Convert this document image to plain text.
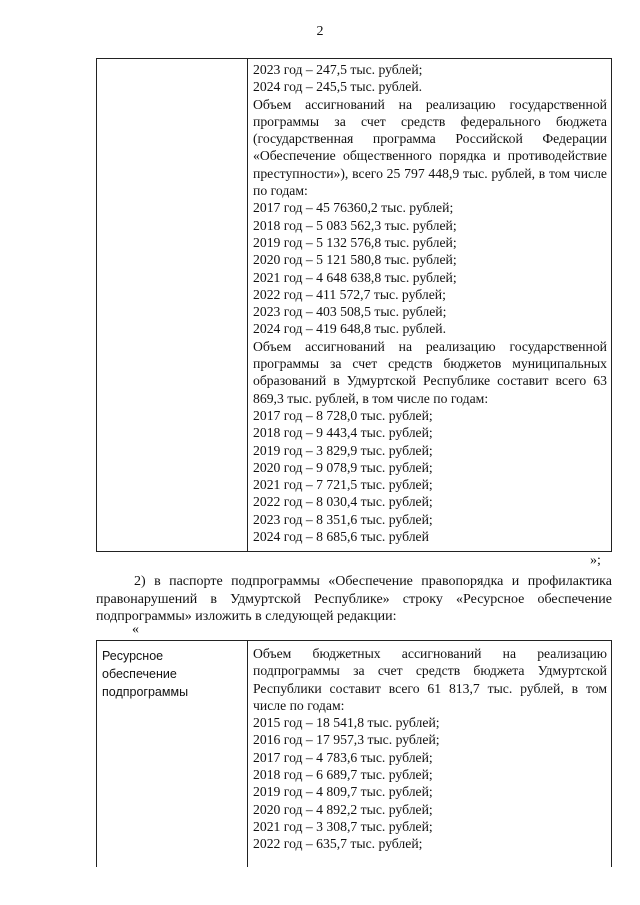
2
2023 год – 247,5 тыс. рублей;
2024 год – 245,5 тыс. рублей.
Объем ассигнований на реализацию государственной программы за счет средств федерального бюджета (государственная программа Российской Федерации «Обеспечение общественного порядка и противодействие преступности»), всего 25 797 448,9 тыс. рублей, в том числе по годам:
2017 год – 45 76360,2 тыс. рублей;
2018 год – 5 083 562,3 тыс. рублей;
2019 год – 5 132 576,8 тыс. рублей;
2020 год – 5 121 580,8 тыс. рублей;
2021 год – 4 648 638,8 тыс. рублей;
2022 год – 411 572,7 тыс. рублей;
2023 год – 403 508,5 тыс. рублей;
2024 год – 419 648,8 тыс. рублей.
Объем ассигнований на реализацию государственной программы за счет средств бюджетов муниципальных образований в Удмуртской Республике составит всего 63 869,3 тыс. рублей, в том числе по годам:
2017 год – 8 728,0 тыс. рублей;
2018 год – 9 443,4 тыс. рублей;
2019 год – 3 829,9 тыс. рублей;
2020 год – 9 078,9 тыс. рублей;
2021 год – 7 721,5 тыс. рублей;
2022 год – 8 030,4 тыс. рублей;
2023 год – 8 351,6 тыс. рублей;
2024 год – 8 685,6 тыс. рублей
»;
2) в паспорте подпрограммы «Обеспечение правопорядка и профилактика правонарушений в Удмуртской Республике» строку «Ресурсное обеспечение подпрограммы» изложить в следующей редакции:
«
Ресурсное
обеспечение
подпрограммы
Объем бюджетных ассигнований на реализацию подпрограммы за счет средств бюджета Удмуртской Республики составит всего 61 813,7 тыс. рублей, в том числе по годам:
2015 год – 18 541,8 тыс. рублей;
2016 год – 17 957,3 тыс. рублей;
2017 год – 4 783,6 тыс. рублей;
2018 год – 6 689,7 тыс. рублей;
2019 год – 4 809,7 тыс. рублей;
2020 год – 4 892,2 тыс. рублей;
2021 год – 3 308,7 тыс. рублей;
2022 год – 635,7 тыс. рублей;
